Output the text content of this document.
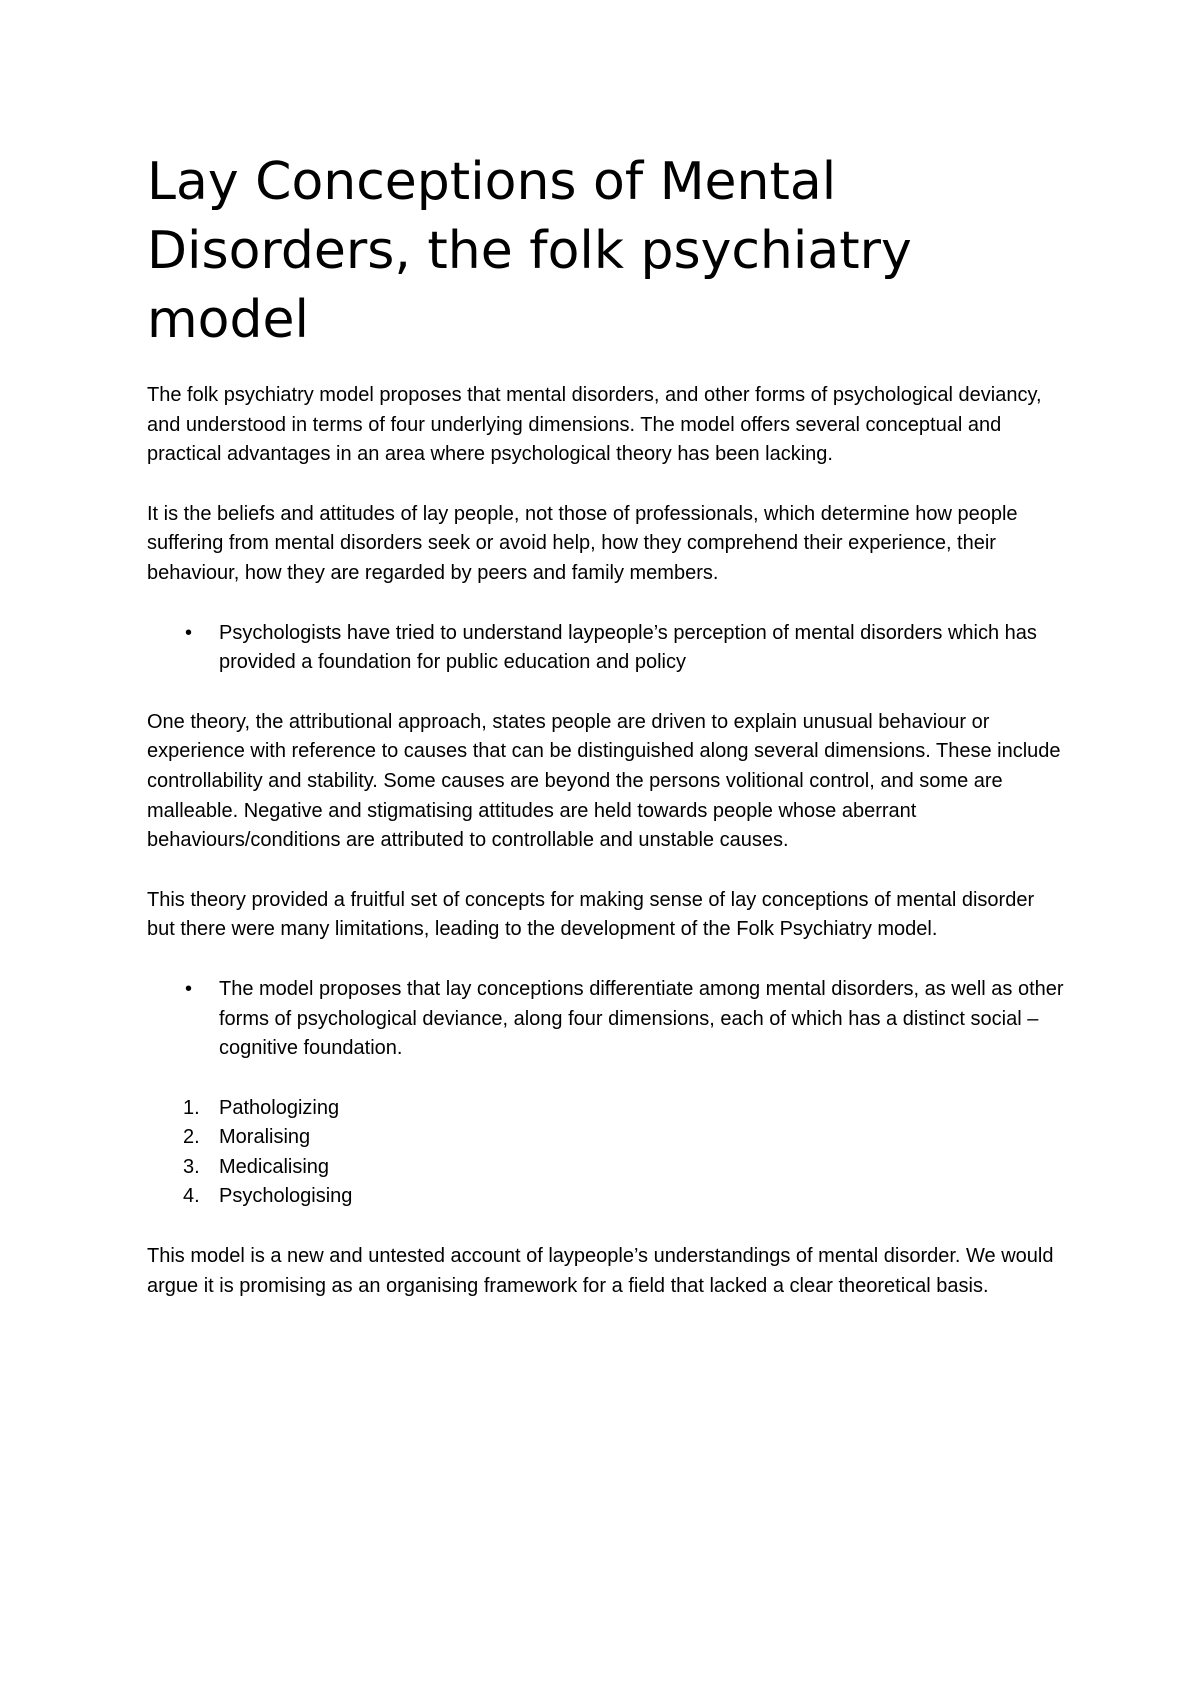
Lay Conceptions of Mental Disorders, the folk psychiatry model

The folk psychiatry model proposes that mental disorders, and other forms of psychological deviancy, and understood in terms of four underlying dimensions. The model offers several conceptual and practical advantages in an area where psychological theory has been lacking.

It is the beliefs and attitudes of lay people, not those of professionals, which determine how people suffering from mental disorders seek or avoid help, how they comprehend their experience, their behaviour, how they are regarded by peers and family members.

• Psychologists have tried to understand laypeople’s perception of mental disorders which has provided a foundation for public education and policy

One theory, the attributional approach, states people are driven to explain unusual behaviour or experience with reference to causes that can be distinguished along several dimensions. These include controllability and stability. Some causes are beyond the persons volitional control, and some are malleable. Negative and stigmatising attitudes are held towards people whose aberrant behaviours/conditions are attributed to controllable and unstable causes.

This theory provided a fruitful set of concepts for making sense of lay conceptions of mental disorder but there were many limitations, leading to the development of the Folk Psychiatry model.

• The model proposes that lay conceptions differentiate among mental disorders, as well as other forms of psychological deviance, along four dimensions, each of which has a distinct social – cognitive foundation.
1. Pathologizing
2. Moralising
3. Medicalising
4. Psychologising

This model is a new and untested account of laypeople’s understandings of mental disorder. We would argue it is promising as an organising framework for a field that lacked a clear theoretical basis.
